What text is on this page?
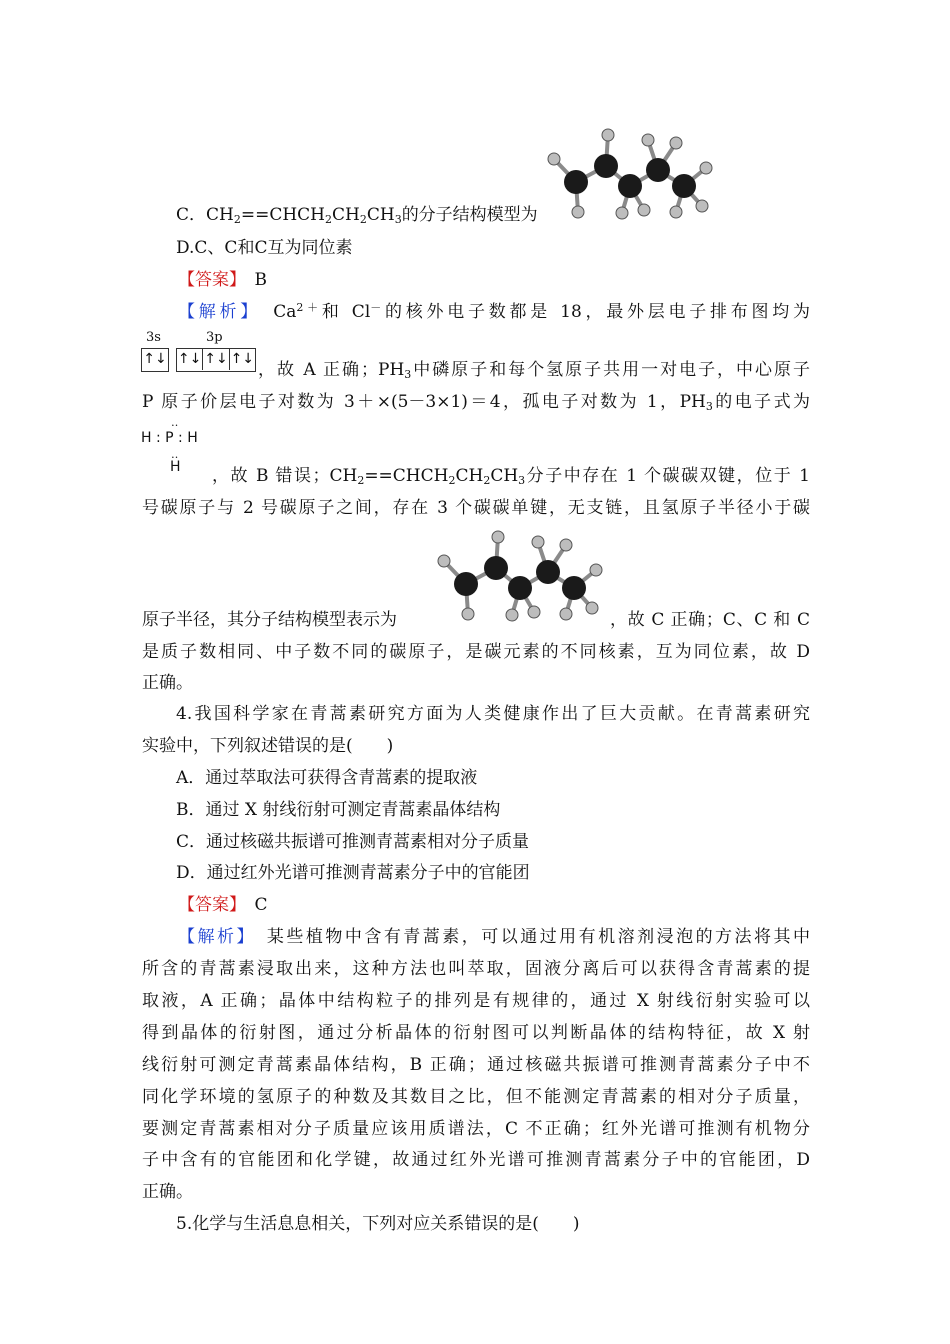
C．$CH_2==CHCH_2CH_2CH_3$的分子结构模型为
D.C、C和C互为同位素
【答案】　 B
【解析】　 $Ca^{2+}$和 Cl－的核外电子数都是 18，最外层电子排布图均为
3s	3p
↑↓ ↑↓ ↑↓ ↑↓
，故 A 正确；$PH_3$中磷原子和每个氢原子共用一对电子，中心原子
P 原子价层电子对数为 3＋×(5－3×1)＝4，孤电子对数为 1，$PH_3$的电子式为
‥
H : P : H
‥
H ，故 B 错误；$CH_2==CHCH_2CH_2CH_3$分子中存在 1 个碳碳双键，位于 1
号碳原子与 2 号碳原子之间，存在 3 个碳碳单键，无支链，且氢原子半径小于碳
原子半径，其分子结构模型表示为	，故 C 正确；C、C 和 C
是质子数相同、中子数不同的碳原子，是碳元素的不同核素，互为同位素，故 D
正确。
4.我国科学家在青蒿素研究方面为人类健康作出了巨大贡献。在青蒿素研究
实验中，下列叙述错误的是(　　)
A．通过萃取法可获得含青蒿素的提取液
B．通过 X 射线衍射可测定青蒿素晶体结构
C．通过核磁共振谱可推测青蒿素相对分子质量
D．通过红外光谱可推测青蒿素分子中的官能团
【答案】　 C
【解析】　 某些植物中含有青蒿素，可以通过用有机溶剂浸泡的方法将其中
所含的青蒿素浸取出来，这种方法也叫萃取，固液分离后可以获得含青蒿素的提
取液，A 正确；晶体中结构粒子的排列是有规律的，通过 X 射线衍射实验可以
得到晶体的衍射图，通过分析晶体的衍射图可以判断晶体的结构特征，故 X 射
线衍射可测定青蒿素晶体结构，B 正确；通过核磁共振谱可推测青蒿素分子中不
同化学环境的氢原子的种数及其数目之比，但不能测定青蒿素的相对分子质量，
要测定青蒿素相对分子质量应该用质谱法，C 不正确；红外光谱可推测有机物分
子中含有的官能团和化学键，故通过红外光谱可推测青蒿素分子中的官能团，D
正确。
5.化学与生活息息相关，下列对应关系错误的是(　　)
